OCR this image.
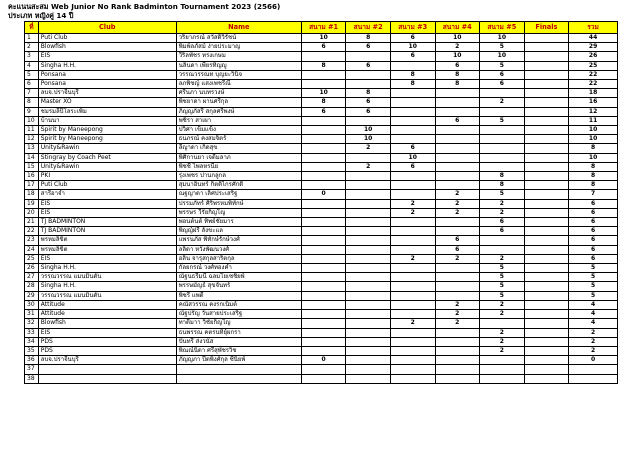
คะแนนสะสม Web Junior No Rank Badminton Tournament 2023 (2566)
ประเภท หญิงคู่ 14 ปี
ที่	Club	Name	สนาม #1	สนาม #2	สนาม #3	สนาม #4	สนาม #5	Finals	รวม
1	Puti Club	วริยาภรณ์ สวัสดิวิรัชน์	10	8	6	10	10		44
2	Blowfish	พิมพ์ลภัสม์ ง่ายประมาญ	6	6	10	2	5		29
3	EIS	วีริลพัชร ทรงเกษม			6	10	10		26
4	Singha H.H.	นลินดา เพียรทิญญู	8	6		6	5		25
5	Ponsana	วรรณวรรณท บุญยะวินิจ			8	8	6		22
6	Ponsana	ลภพิชญ์ แสงเพชรีณี			8	8	6		22
7	ลบจ.ปราจีนบุรี	ศรีนภา นบทรวงษ์	10	8					18
8	Master XO	พิชยาดา ผานศรีกุล	8	6			2		16
9	ชมรมลีปีโลระเพิ่ม	ภิญญภัสรี สกุลศรีพงษ์	6	6					12
10	บ้านนา	พชิรา สาเผา				6	5		11
11	Spirit by Maneepong	ปวิศา เข็มแข็ง		10					10
12	Spirit by Maneepong	ธนภรณ์ คงสมจิตร์		10					10
13	Unity&Rawin	ลีญาดา เกิดสุข		2	6				8
14	Stingray by Coach Peet	พิศิกานยา เจดีมลาภ			10				10
15	Unity&Rawin	พิชชี ไพลหรนีย		2	6				8
16	PKI	รุ่งเพชร ปานกลูกล					8		8
17	Puti Club	สุมนาอินทร์ กิตติไกรศักดิ์					8		8
18	สารีอาจำ	ณฐญาดา เลิศประเสริฐ	0			2	5		7
19	EIS	ปรรมภัทร์ ศิริพรหมพิทักษ์			2	2	2		6
20	EIS	พรรษร วีรัยกิญโญ			2	2	2		6
21	TJ BADMINTON	พอนต์นต์ ทิพย์ชัยมาร					6		6
22	TJ BADMINTON	พิญญ์ฝรี ลังขะแล					6		6
23	พรหมลิขิต	แพรนภัส พิทักษ์รักษ์วงศ์				6			6
24	พรหมลิขิต	ลลิดา หวังพัฒนวงศ์				6			6
25	EIS	อลิน จารุสกุลสาริตกุล			2	2	2		6
26	Singha H.H.	กัลยกรณ์ วงศ์ทองคำ					5		5
27	วรรณวรรณ แมนมินตัน	ณัฐนธรีมนี ฉลมโยเซชิยพ์					5		5
28	Singha H.H.	พรรษมัญธ์ สุขจันทร์					5		5
29	วรรณวรรณ แมนมินตัน	พิชรี แพดี					5		5
30	Attitude	คณัสวรรณ คงรกเนิ่มต์				2	2		4
31	Attitude	ณัฐปรัญ วันสายประเสริฐ				2	2		4
32	Blowfish	ทาดีมาา วิชัยกิญโญ			2	2			4
33	EIS	ธนพรรณ คตรนทิยุ์ผกรา					2		2
34	PDS	ปันทรี ส่งวนัส					2		2
35	PDS	พิณณ์นิดา ศรีสุพัชรวิช					2		2
36	ลบจ.ปราจีนบุรี	ภัญญภา ปีตพิงศ์กุล ซีนิยพ์	0						0
37									
38									
